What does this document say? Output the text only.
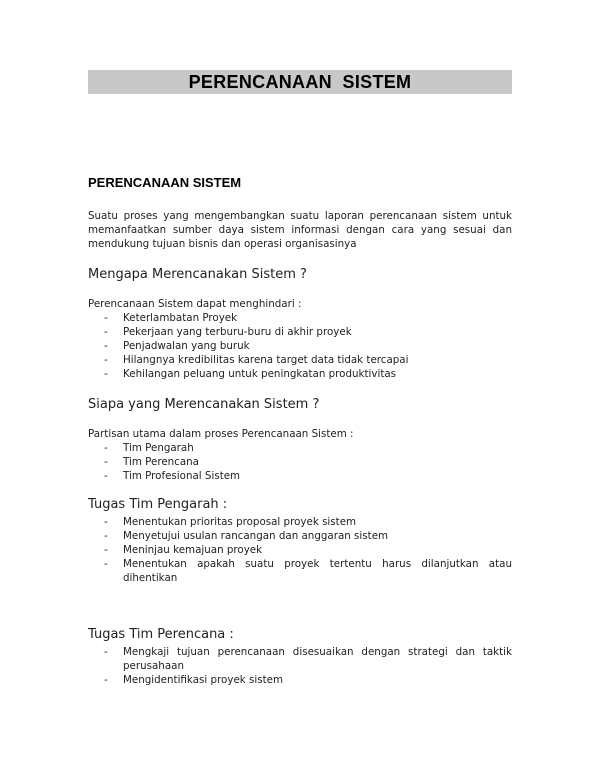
PERENCANAAN  SISTEM
PERENCANAAN SISTEM

Suatu proses yang mengembangkan suatu laporan perencanaan sistem untuk memanfaatkan sumber daya sistem informasi dengan cara yang sesuai dan mendukung tujuan bisnis dan operasi organisasinya

Mengapa Merencanakan Sistem ?

Perencanaan Sistem dapat menghindari :

- Keterlambatan Proyek
- Pekerjaan yang terburu-buru di akhir proyek
- Penjadwalan yang buruk
- Hilangnya kredibilitas karena target data tidak tercapai
- Kehilangan peluang untuk peningkatan produktivitas
Siapa yang Merencanakan Sistem ?

Partisan utama dalam proses Perencanaan Sistem :

- Tim Pengarah
- Tim Perencana
- Tim Profesional Sistem
Tugas Tim Pengarah :
- Menentukan prioritas proposal proyek sistem
- Menyetujui usulan rancangan dan anggaran sistem
- Meninjau kemajuan proyek
- Menentukan apakah suatu proyek tertentu harus dilanjutkan atau dihentikan
Tugas Tim Perencana :
- Mengkaji tujuan perencanaan disesuaikan dengan strategi dan taktik perusahaan
- Mengidentifikasi proyek sistem
